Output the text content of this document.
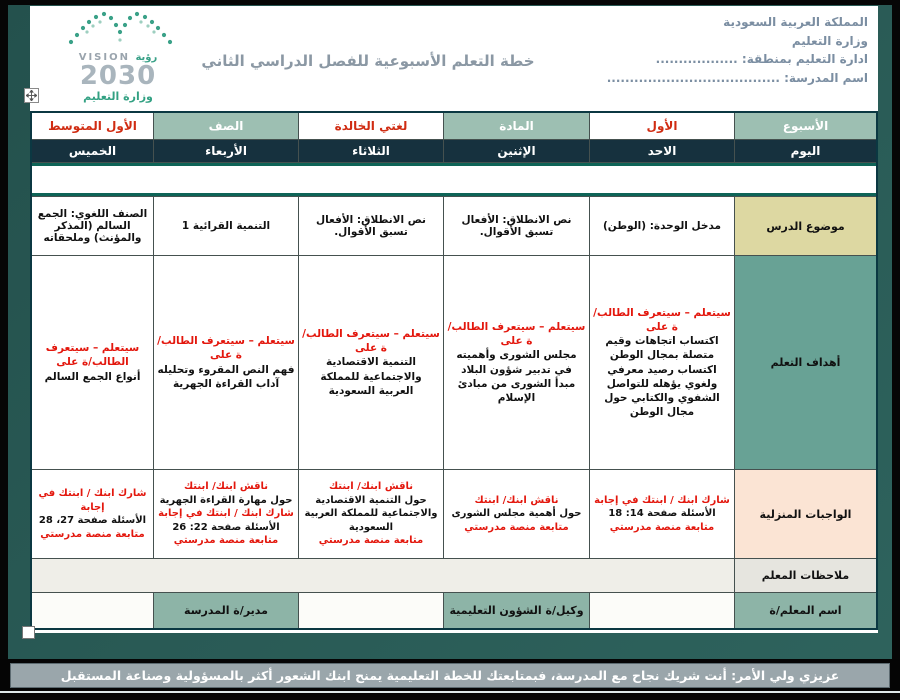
VISION رؤية
2030
وزارة التعليم
خطة التعلم الأسبوعية للفصل الدراسي الثاني
المملكة العربية السعودية
وزارة التعليم
ادارة التعليم بمنطقة: ..................
اسم المدرسة: ......................................
الأسبوع
الأول
المادة
لغتي الخالدة
الصف
الأول المتوسط
اليوم
الاحد
الإثنين
الثلاثاء
الأربعاء
الخميس
موضوع الدرس
مدخل الوحدة: (الوطن)
نص الانطلاق: الأفعال تسبق الأقوال.
نص الانطلاق: الأفعال تسبق الأقوال.
التنمية القرائية 1
الصنف اللغوي: الجمع السالم (المذكر والمؤنث) وملحقاته
أهداف التعلم
سيتعلم – سيتعرف الطالب/ة على
اكتساب اتجاهات وقيم متصلة بمجال الوطن
اكتساب رصيد معرفي ولغوي يؤهله للتواصل الشفوي والكتابي حول مجال الوطن
سيتعلم – سيتعرف الطالب/ة على
مجلس الشورى وأهميته في تدبير شؤون البلاد
مبدأ الشورى من مبادئ الإسلام
سيتعلم – سيتعرف الطالب/ة على
التنمية الاقتصادية والاجتماعية للمملكة العربية السعودية
سيتعلم – سيتعرف الطالب/ة على
فهم النص المقروء وتحليله
آداب القراءة الجهرية
سيتعلم – سيتعرف الطالب/ة على
أنواع الجمع السالم
الواجبات المنزلية
شارك ابنك / ابنتك في إجابة
الأسئلة صفحة 14: 18
متابعة منصة مدرستي
ناقش ابنك/ ابنتك
حول أهمية مجلس الشورى
متابعة منصة مدرستي
ناقش ابنك/ ابنتك
حول التنمية الاقتصادية والاجتماعية للمملكة العربية السعودية
متابعة منصة مدرستي
ناقش ابنك/ ابنتك
حول مهارة القراءة الجهرية
شارك ابنك / ابنتك في إجابة
الأسئلة صفحة 22: 26
متابعة منصة مدرستي
شارك ابنك / ابنتك في إجابة
الأسئلة صفحة 27، 28
متابعة منصة مدرستي
ملاحظات المعلم
اسم المعلم/ة
وكيل/ة الشؤون التعليمية
مدير/ة المدرسة
عزيزي ولي الأمر: أنت شريك نجاح مع المدرسة، فبمتابعتك للخطة التعليمية يمنح ابنك الشعور أكثر بالمسؤولية وصناعة المستقبل
